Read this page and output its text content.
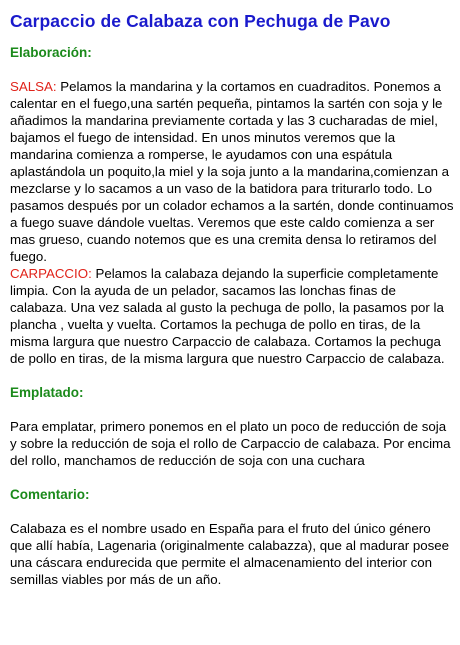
Carpaccio de Calabaza con Pechuga de Pavo

Elaboración:

SALSA: Pelamos la mandarina y la cortamos en cuadraditos. Ponemos a calentar en el fuego,una sartén pequeña, pintamos la sartén con soja y le añadimos la mandarina previamente cortada y las 3 cucharadas de miel, bajamos el fuego de intensidad. En unos minutos veremos que la mandarina comienza a romperse, le ayudamos con una espátula aplastándola un poquito,la miel y la soja junto a la mandarina,comienzan a mezclarse y lo sacamos a un vaso de la batidora para triturarlo todo. Lo pasamos después por un colador echamos a la sartén, donde continuamos a fuego suave dándole vueltas. Veremos que este caldo comienza a ser mas grueso, cuando notemos que es una cremita densa lo retiramos del fuego.

CARPACCIO: Pelamos la calabaza dejando la superficie completamente limpia. Con la ayuda de un pelador, sacamos las lonchas finas de calabaza. Una vez salada al gusto la pechuga de pollo, la pasamos por la plancha , vuelta y vuelta. Cortamos la pechuga de pollo en tiras, de la misma largura que nuestro Carpaccio de calabaza. Cortamos la pechuga de pollo en tiras, de la misma largura que nuestro Carpaccio de calabaza.

Emplatado:

Para emplatar, primero ponemos en el plato un poco de reducción de soja y sobre la reducción de soja el rollo de Carpaccio de calabaza. Por encima del rollo, manchamos de reducción de soja con una cuchara

Comentario:

Calabaza es el nombre usado en España para el fruto del único género que allí había, Lagenaria (originalmente calabazza), que al madurar posee una cáscara endurecida que permite el almacenamiento del interior con semillas viables por más de un año.
